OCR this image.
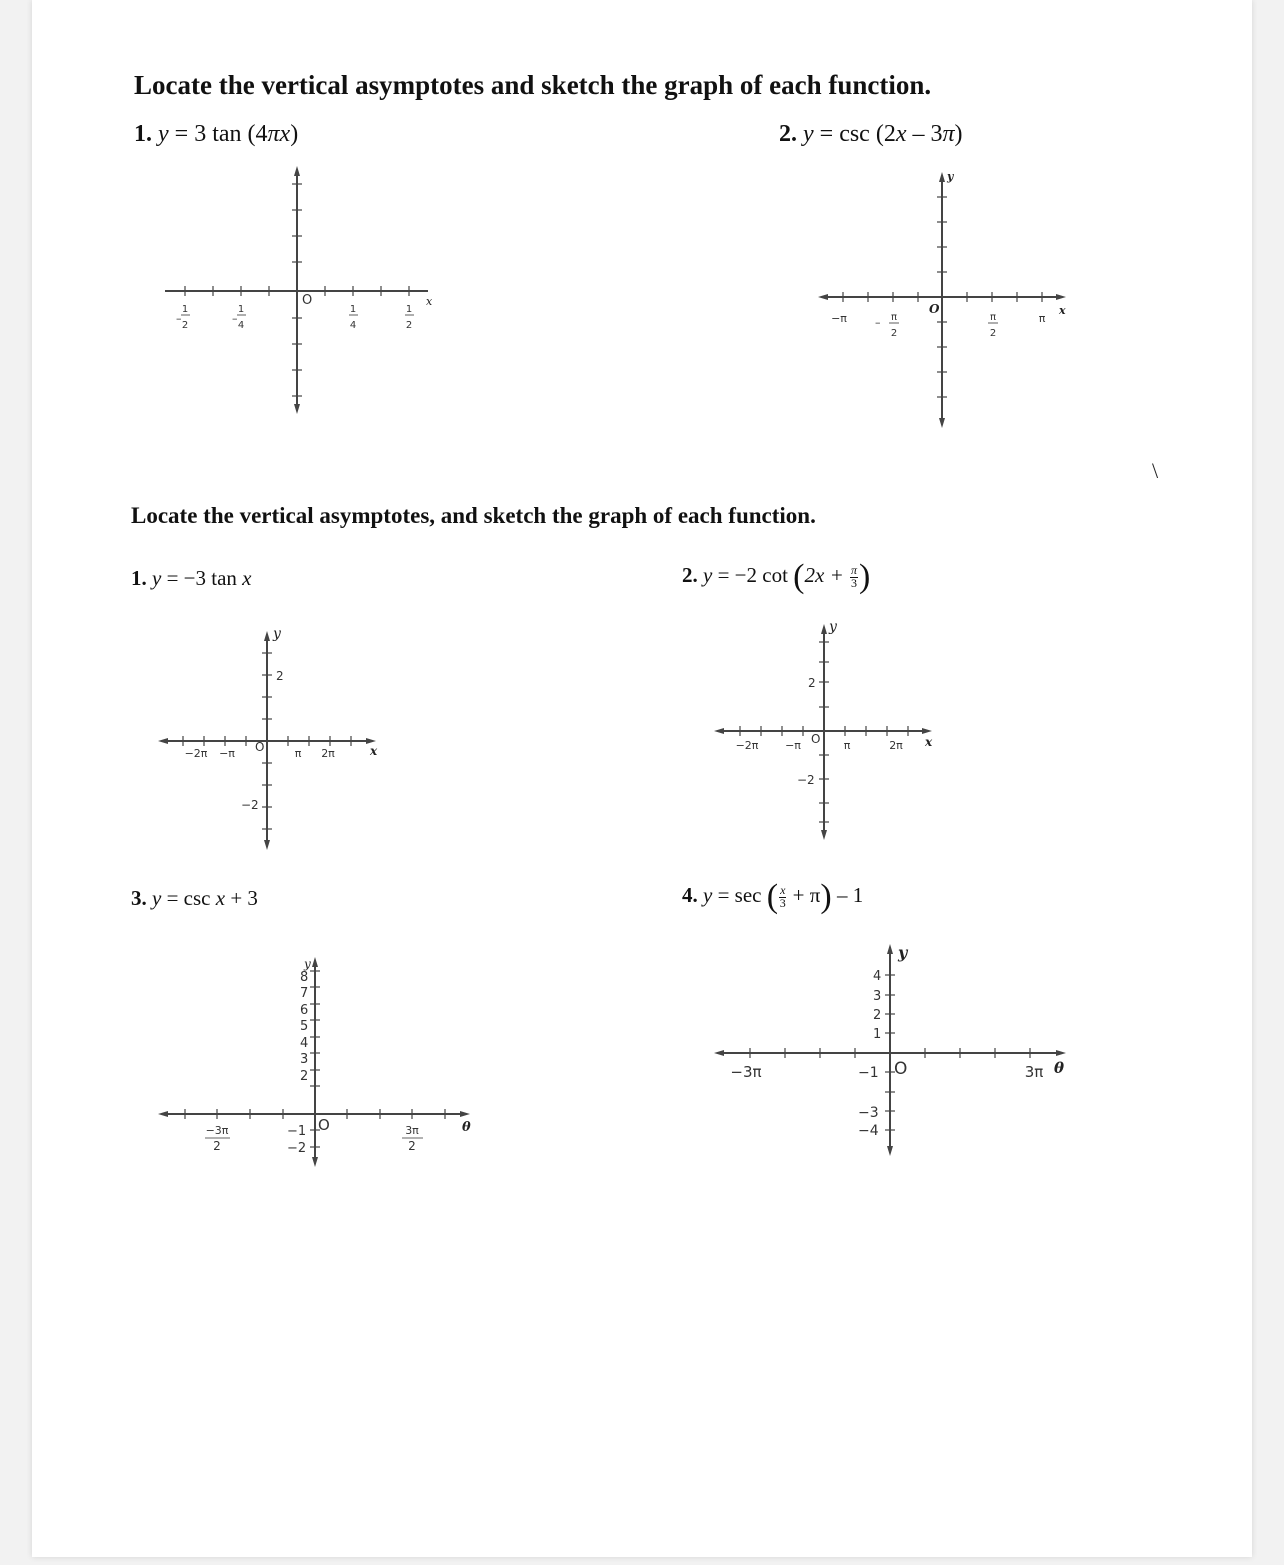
Locate the vertical asymptotes and sketch the graph of each function.
1. y = 3 tan (4πx)	2. y = csc (2x – 3π)
\
Locate the vertical asymptotes, and sketch the graph of each function.
1. y = −3 tan x	2. y = −2 $\cot (2x + \frac{\pi}{3}$ )
3. y = csc x + 3	4. $y = \sec (\frac{x}{3} + \pi) - 1$
O	x
–
1
2
–
1
4
1
4
1
2
y
x
O
−π	– π
2
π
2
π
y
x
O
2
−2
−2π −π	π 2π
y
x
O
2
−2
−2π −π	π	2π
y
θ
O
8
7
6
5
4
3
2
−1
−2
−3π
2
3π
2
y
θ
O
4
3
2
1
−1
−3
−4
−3π	3π
